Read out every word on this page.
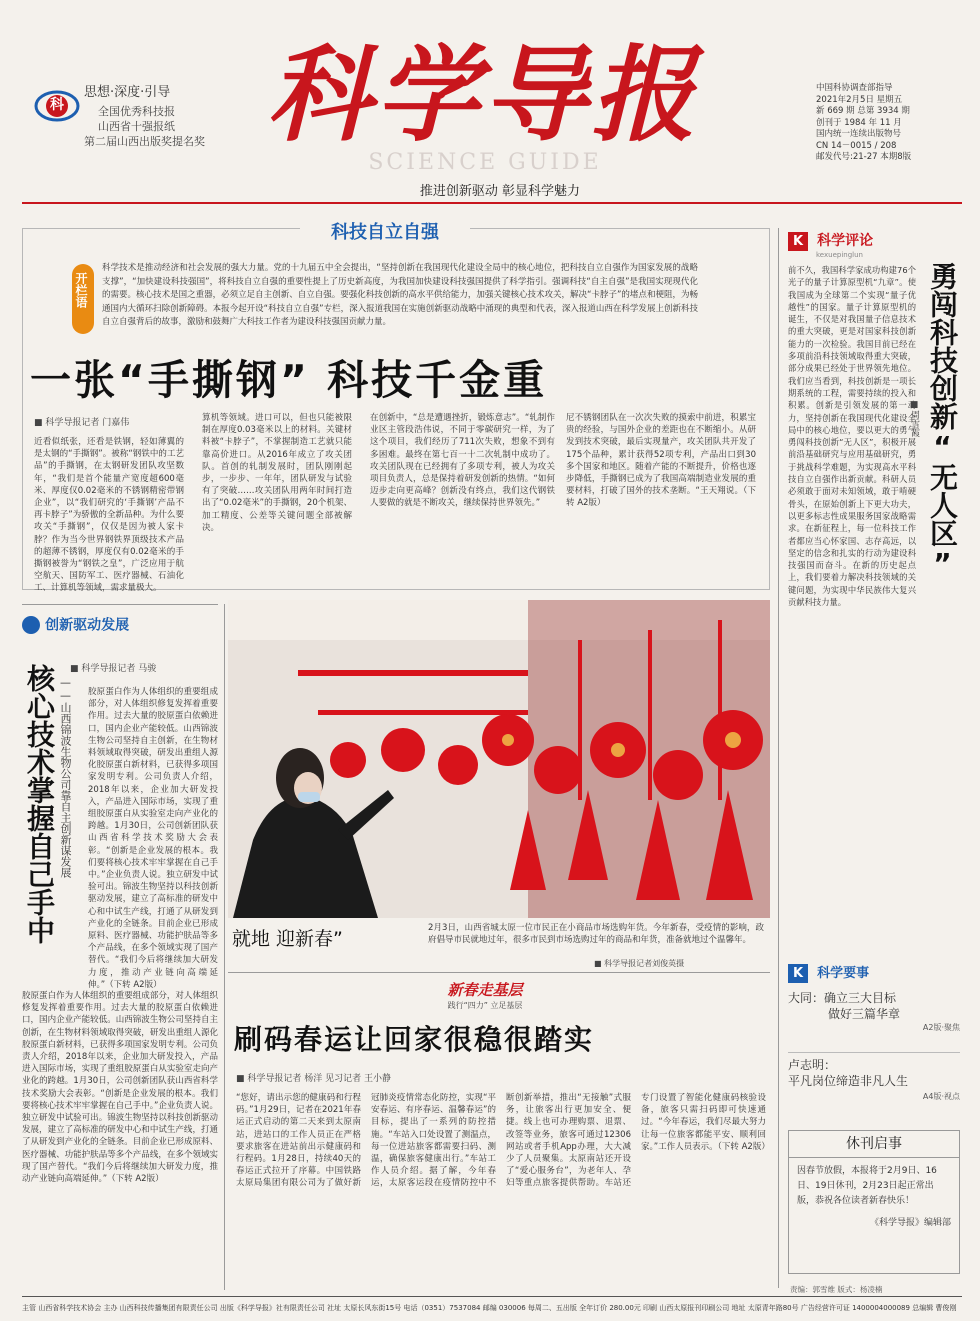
科
思想·深度·引导
全国优秀科技报
山西省十强报纸
第二届山西出版奖提名奖 科学导报
SCIENCE GUIDE
推进创新驱动 彰显科学魅力
中国科协调查部指导
2021年2月5日 星期五
新 669 期 总第 3934 期
创刊于 1984 年 11 月
国内统一连续出版物号
CN 14－0015 / 208
邮发代号:21-27 本期8版
科技自立自强
开栏语
科学技术是推动经济和社会发展的强大力量。党的十九届五中全会提出，“坚持创新在我国现代化建设全局中的核心地位，把科技自立自强作为国家发展的战略支撑”，“加快建设科技强国”，将科技自立自强的重要性提上了历史新高度，为我国加快建设科技强国提供了科学指引。强调科技“自主自强”是我国实现现代化的需要。核心技术是国之重器，必须立足自主创新、自立自强。要强化科技创新的高水平供给能力，加强关键核心技术攻关，解决“卡脖子”的堵点和梗阻，为畅通国内大循环扫除创新障碍。本报今起开设“科技自立自强”专栏，深入报道我国在实施创新驱动战略中涌现的典型和代表，深入报道山西在科学发展上创新科技自立自强背后的故事，激励和鼓舞广大科技工作者为建设科技强国贡献力量。
一张“手撕钢” 科技千金重
■ 科学导报记者 门嘉伟
近看似纸张，还看是铁钢，轻如薄翼的是太钢的“手撕钢”。被称“钢铁中的工艺品”的手撕钢，在太钢研发团队攻坚数年，“我们是首个能量产宽度超600毫米、厚度仅0.02毫米的不锈钢精密带钢企业”，以“我们研究的‘手撕钢’产品不再卡脖子”为骄傲的全新品种。为什么要攻关“手撕钢”，仅仅是因为被人家卡脖？作为当今世界钢铁界顶级技术产品的超薄不锈钢，厚度仅有0.02毫米的手撕钢被誉为“钢铁之皇”，广泛应用于航空航天、国防军工、医疗器械、石油化工、计算机等领域，需求量极大。
算机等领域。进口可以，但也只能被限制在厚度0.03毫米以上的材料。关键材料被“卡脖子”，不掌握制造工艺就只能靠高价进口。从2016年成立了攻关团队。首创的轧制发展时，团队刚刚起步，一步步、一年年，团队研发与试验有了突破……攻关团队用两年时间打造出了“0.02毫米”的手撕钢，20个机架、加工精度、公差等关键问题全部被解决。
在创新中，“总是遭遇挫折，锻炼意志”。“轧制作业区主管段浩伟说，不同于零碳研究一样，为了这个项目，我们经历了711次失败，想象不到有多困难。最终在第七百一十二次轧制中成功了。攻关团队现在已经拥有了多项专利，被人为攻关项目负责人，总是保持着研发创新的热情。“如何迈步走向更高峰？创新没有终点，我们这代钢铁人要做的就是不断攻关，继续保持世界领先。”
尼不锈钢团队在一次次失败的摸索中前进，积累宝贵的经验，与国外企业的差距也在不断缩小。从研发到技术突破，最后实现量产，攻关团队共开发了175个品种，累计获得52项专利，产品出口到30多个国家和地区。随着产能的不断提升，价格也逐步降低，手撕钢已成为了我国高端制造业发展的重要材料，打破了国外的技术垄断。“王天翔说。（下转 A2版）
K 科学评论
kexuepinglun
前不久，我国科学家成功构建76个光子的量子计算原型机“九章”。使我国成为全球第二个实现“量子优越性”的国家。量子计算原型机的诞生，不仅是对我国量子信息技术的重大突破，更是对国家科技创新能力的一次检验。我国目前已经在多项前沿科技领域取得重大突破，部分成果已经处于世界领先地位。我们应当看到，科技创新是一项长期系统的工程，需要持续的投入和积累。创新是引领发展的第一动力，坚持创新在我国现代化建设全局中的核心地位，要以更大的勇气勇闯科技创新“无人区”，积极开展前沿基础研究与应用基础研究，勇于挑战科学难题，为实现高水平科技自立自强作出新贡献。科研人员必须敢于面对未知领域，敢于啃硬骨头，在原始创新上下更大功夫，以更多标志性成果服务国家战略需求。在新征程上，每一位科技工作者都应当心怀家国、志存高远，以坚定的信念和扎实的行动为建设科技强国而奋斗。在新的历史起点上，我们要着力解决科技领域的关键问题，为实现中华民族伟大复兴贡献科技力量。
勇闯科技创新“无人区”
■周雪霞
创新驱动发展
■ 科学导报记者 马骏
核心技术掌握自己手中 ——山西锦波生物公司靠自主创新谋发展 胶原蛋白作为人体组织的重要组成部分，对人体组织修复发挥着重要作用。过去大量的胶原蛋白依赖进口，国内企业产能较低。山西锦波生物公司坚持自主创新，在生物材料领域取得突破，研发出重组人源化胶原蛋白新材料，已获得多项国家发明专利。公司负责人介绍，2018年以来，企业加大研发投入，产品进入国际市场，实现了重组胶原蛋白从实验室走向产业化的跨越。1月30日，公司创新团队获山西省科学技术奖励大会表彰。“创新是企业发展的根本。我们要将核心技术牢牢掌握在自己手中。”企业负责人说。独立研发中试验可出。锦波生物坚持以科技创新驱动发展，建立了高标准的研发中心和中试生产线，打通了从研发到产业化的全链条。目前企业已形成原料、医疗器械、功能护肤品等多个产品线，在多个领域实现了国产替代。“我们今后将继续加大研发力度，推动产业链向高端延伸。”（下转 A2版）
胶原蛋白作为人体组织的重要组成部分，对人体组织修复发挥着重要作用。过去大量的胶原蛋白依赖进口，国内企业产能较低。山西锦波生物公司坚持自主创新，在生物材料领域取得突破，研发出重组人源化胶原蛋白新材料，已获得多项国家发明专利。公司负责人介绍，2018年以来，企业加大研发投入，产品进入国际市场，实现了重组胶原蛋白从实验室走向产业化的跨越。1月30日，公司创新团队获山西省科学技术奖励大会表彰。“创新是企业发展的根本。我们要将核心技术牢牢掌握在自己手中。”企业负责人说。独立研发中试验可出。锦波生物坚持以科技创新驱动发展，建立了高标准的研发中心和中试生产线，打通了从研发到产业化的全链条。目前企业已形成原料、医疗器械、功能护肤品等多个产品线，在多个领域实现了国产替代。“我们今后将继续加大研发力度，推动产业链向高端延伸。”（下转 A2版）

就地 迎新春”	2月3日，山西省城太原一位市民正在小商品市场选购年货。今年新春，受疫情的影响，政府倡导市民就地过年，很多市民到市场选购过年的商品和年货，准备就地过个温馨年。
■ 科学导报记者刘俊英摄
新春走基层
践行“四力” 立足基层
刷码春运让回家很稳很踏实
■ 科学导报记者 杨洋 见习记者 王小静
“您好，请出示您的健康码和行程码。”1月29日，记者在2021年春运正式启动的第二天来到太原南站，进站口的工作人员正在严格要求旅客在进站前出示健康码和行程码。1月28日，持续40天的春运正式拉开了序幕。中国铁路太原局集团有限公司为了做好新冠肺炎疫情常态化防控，实现“平安春运、有序春运、温馨春运”的目标，提出了一系列的防控措施。“车站入口处设置了测温点，每一位进站旅客都需要扫码、测温，确保旅客健康出行。”车站工作人员介绍。据了解，今年春运，太原客运段在疫情防控中不断创新举措，推出“无接触”式服务，让旅客出行更加安全、便捷。线上也可办理购票、退票、改签等业务，旅客可通过12306网站或者手机App办理，大大减少了人员聚集。太原南站还开设了“爱心服务台”，为老年人、孕妇等重点旅客提供帮助。车站还专门设置了智能化健康码核验设备，旅客只需扫码即可快速通过。“今年春运，我们尽最大努力让每一位旅客都能平安、顺利回家。”工作人员表示。（下转 A2版）
K 科学要事
大同：确立三大目标
做好三篇华章
A2版·聚焦
责编：郭雪维 版式：杨凌楠
主管 山西省科学技术协会 主办 山西科技传播集团有限责任公司 出版《科学导报》社有限责任公司 社址 太原长风东街15号 电话（0351）7537084 邮编 030006 每周二、五出版 全年订价 280.00元 印刷 山西太原报刊印刷公司 地址 太原青年路80号 广告经营许可证 1400004000089 总编辑 曹俊刚
卢志明：
平凡岗位缔造非凡人生
A4版·视点
休刊启事
因春节放假，本报将于2月9日、16日、19日休刊，2月23日起正常出版，恭祝各位读者新春快乐！
《科学导报》编辑部
